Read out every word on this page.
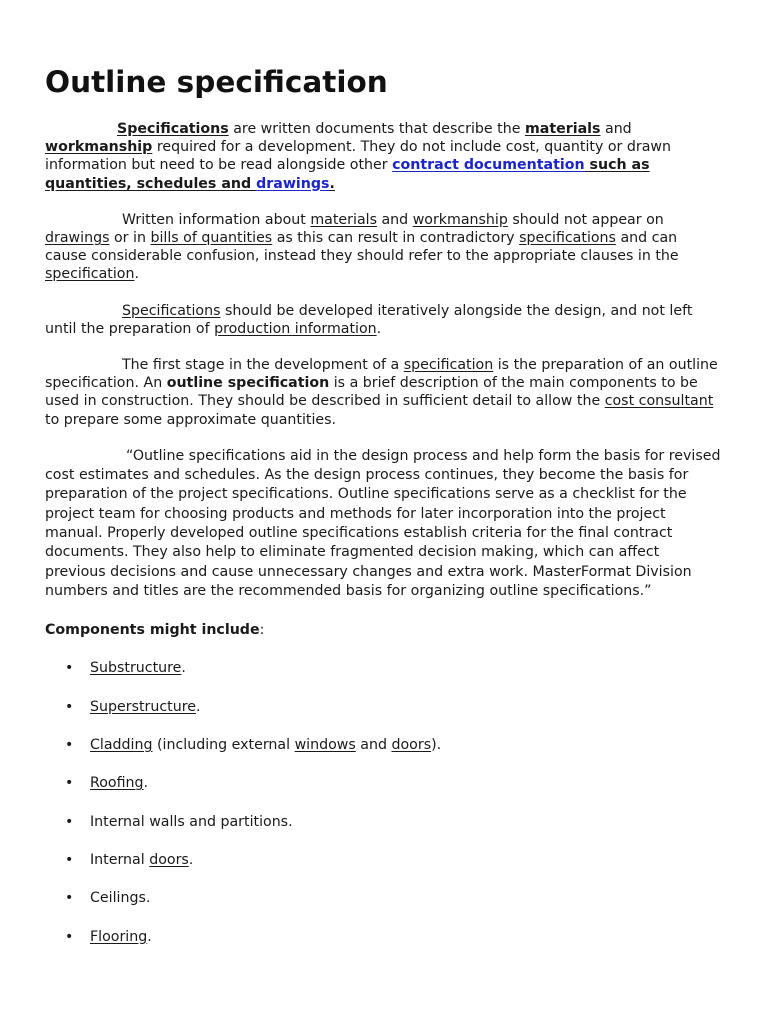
Outline specification

Specifications are written documents that describe the materials and workmanship required for a development. They do not include cost, quantity or drawn information but need to be read alongside other contract documentation such as quantities, schedules and drawings.

Written information about materials and workmanship should not appear on drawings or in bills of quantities as this can result in contradictory specifications and can cause considerable confusion, instead they should refer to the appropriate clauses in the specification.

Specifications should be developed iteratively alongside the design, and not left until the preparation of production information.

The first stage in the development of a specification is the preparation of an outline specification. An outline specification is a brief description of the main components to be used in construction. They should be described in sufficient detail to allow the cost consultant to prepare some approximate quantities.

“Outline specifications aid in the design process and help form the basis for revised cost estimates and schedules. As the design process continues, they become the basis for preparation of the project specifications. Outline specifications serve as a checklist for the project team for choosing products and methods for later incorporation into the project manual. Properly developed outline specifications establish criteria for the final contract documents. They also help to eliminate fragmented decision making, which can affect previous decisions and cause unnecessary changes and extra work. MasterFormat Division numbers and titles are the recommended basis for organizing outline specifications.”

Components might include:

• Substructure.
• Superstructure.
• Cladding (including external windows and doors).
• Roofing.
• Internal walls and partitions.
• Internal doors.
• Ceilings.
• Flooring.
